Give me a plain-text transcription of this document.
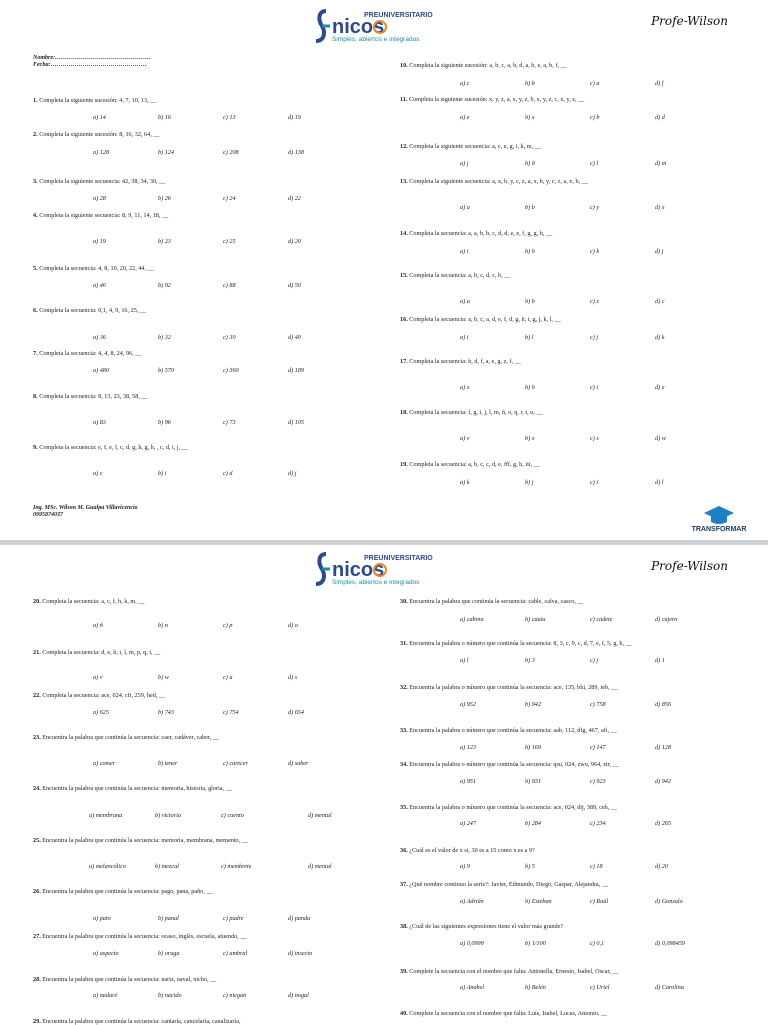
PREUNIVERSITARIO
nicos
Simples, abiertos e integrados
Profe-Wilson
Nombre:…………………………………………
Fecha:…………………………………………
1. Completa la siguiente sucesión: 4, 7, 10, 13, __
a) 14	b) 16	c) 13	d) 19
2. Completa la siguiente sucesión: 8, 16, 32, 64, __
a) 128	b) 124	c) 208	d) 138
3. Completa la siguiente secuencia: 42, 38, 34, 30, __
a) 28	b) 26	c) 24	d) 22
4. Completa la siguiente secuencia: 8, 9, 11, 14, 18, __
a) 19	b) 23	c) 25	d) 20
5. Completa la secuencia: 4, 8, 10, 20, 22, 44, __
a) 46	b) 92	c) 88	d) 50
6. Completa la secuencia: 0,1, 4, 9, 16, 25, __
a) 36	b) 32	c) 30	d) 40
7. Completa la secuencia: 4, 4, 8, 24, 96, __
a) 480	b) 570	c) 360	d) 189
8. Completa la secuencia: 8, 13, 23, 38, 58, __
a) 83	b) 96	c) 73	d) 105
9. Completa la secuencia: e, f, e, f, c, d, g, h, g, h, , c, d, i, j, __
a) c	b) i	c) d	d) j
10. Completa la siguiente sucesión: a, b, c, a, b, d, a, b, e, a, b, f, __
a) c	b) b	c) a	d) f
11. Completa la siguiente sucesión: x, y, z, a, x, y, z, b, x, y, z, c, x, y, z, __
a) e	b) x	c) b	d) d
12. Completa la siguiente secuencia: a, c, e, g, i, k, m, __
a) j	b) ñ	c) l	d) m
13. Completa la siguiente secuencia: a, x, b, y, c, z, a, x, b, y, c, z, a, x, b, __
a) a	b) b	c) y	d) x
14. Completa la secuencia: a, a, b, b, c, d, d, e, e, f, g, g, h, __
a) i	b) h	c) k	d) j
15. Completa la secuencia: a, b, c, d, c, b, __
a) a	b) b	c) z	d) c
16. Completa la secuencia: a, b, c, a, d, e, f, d, g, h, i, g, j, k, l, __
a) i	b) l	c) j	d) k
17. Completa la secuencia: b, d, f, a, e, g, z, f, __
a) x	b) h	c) i	d) e
18. Completa la secuencia: f, g, i, j, l, m, ñ, o, q, r, t, u, __
a) v	b) x	c) s	d) w
19. Completa la secuencia: a, b, c, c, d, e, fff, g, h, iii, __
a) k	b) j	c) i	d) l
Ing. MSc. Wilson M. Gualpa Villavicencio
0995874037
TRANSFORMAR
PREUNIVERSITARIO
nicos
Simples, abiertos e integrados
Profe-Wilson
20. Completa la secuencia: a, c, f, h, k, m, __
a) ñ	b) n	c) p	d) o
21. Completa la secuencia: d, e, h, i, l, m, p, q, t, __
a) v	b) w	c) u	d) s
22. Completa la secuencia: ace, 024, cfi, 259, hed, __
a) 625	b) 743	c) 754	d) 654
23. Encuentra la palabra que continúa la secuencia: caer, cadáver, caber, __
a) comer	b) tener	c) carecer	d) saber
24. Encuentra la palabra que continúa la secuencia: memoria, historia, gloria, __
a) membrana	b) victoria	c) cuento	d) mental
25. Encuentra la palabra que continúa la secuencia: memoria, membrana, memento, __
a) melancólico	b) mezcal	c) membrete	d) mental
26. Encuentra la palabra que continúa la secuencia: pago, pana, paño, __
a) pato	b) panal	c) padre	d) panda
27. Encuentra la palabra que continúa la secuencia: ocaso, inglés, escuela, atuendo, __
a) aspecto	b) oruga	c) umbral	d) insecto
28. Encuentra la palabra que continúa la secuencia: nariz, naval, nicho, __
a) nadaré	b) nacido	c) niegan	d) nogal
29. Encuentra la palabra que continúa la secuencia: cantaría, cancelaría, canalizaría,
30. Encuentra la palabra que continúa la secuencia: cable, calva, casco, __
a) cabina	b) cauta	c) cadete	d) cajero
31. Encuentra la palabra o número que continúa la secuencia: 8, 3, c, 9, c, d, 7, e, f, 5, g, h, __
a) l	b) 3	c) j	d) 1
32. Encuentra la palabra o número que continúa la secuencia: ace, 135, bhi, 289, ieb, __
a) 952	b) 942	c) 758	d) 856
33. Encuentra la palabra o número que continúa la secuencia: aab, 112, dfg, 467, afi, __
a) 123	b) 169	c) 147	d) 128
34. Encuentra la palabra o número que continúa la secuencia: qsu, 024, zwu, 964, ztr, __
a) 951	b) 931	c) 923	d) 942
35. Encuentra la palabra o número que continúa la secuencia: ace, 024, dij, 389, ceh, __
a) 247	b) 284	c) 234	d) 265
36. ¿Cuál es el valor de x si, 30 es a 15 como x es a 9?
a) 9	b) 5	c) 18	d) 20
37. ¿Qué nombre continuo la serie?: Javier, Edmundo, Diego, Gaspar, Alejandra, __
a) Adrián	b) Esteban	c) Raúl	d) Gonzalo
38. ¿Cuál de las siguientes expresiones tiene el valor más grande?
a) 0,0999	b) 1/100	c) 0,1	d) 0,098459
39. Complete la secuencia con el nombre que falta: Antonella, Ernesto, Isabel, Oscar, __
a) Anabel	b) Belén	c) Uriel	d) Carolina
40. Complete la secuencia con el nombre que falta: Luis, Isabel, Lucas, Antonio, __
